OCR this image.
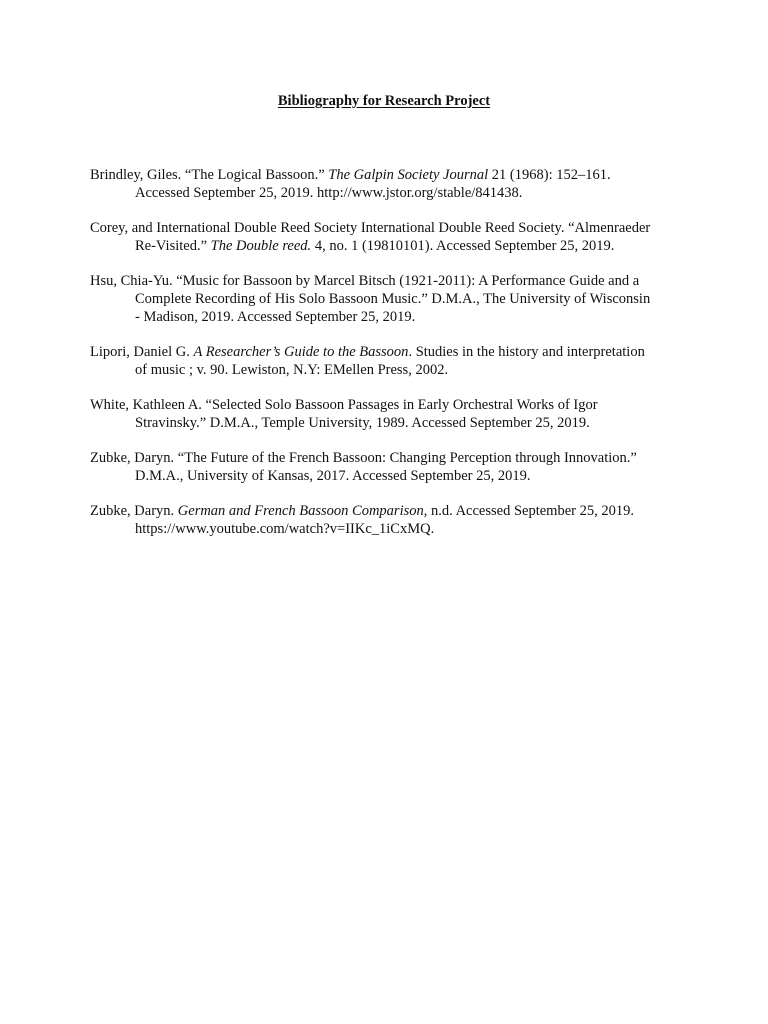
Bibliography for Research Project

Brindley, Giles. “The Logical Bassoon.” The Galpin Society Journal 21 (1968): 152–161.
Accessed September 25, 2019. http://www.jstor.org/stable/841438.

Corey, and International Double Reed Society International Double Reed Society. “Almenraeder
Re-Visited.” The Double reed. 4, no. 1 (19810101). Accessed September 25, 2019.

Hsu, Chia-Yu. “Music for Bassoon by Marcel Bitsch (1921-2011): A Performance Guide and a
Complete Recording of His Solo Bassoon Music.” D.M.A., The University of Wisconsin
- Madison, 2019. Accessed September 25, 2019.

Lipori, Daniel G. A Researcher’s Guide to the Bassoon. Studies in the history and interpretation
of music ; v. 90. Lewiston, N.Y: EMellen Press, 2002.

White, Kathleen A. “Selected Solo Bassoon Passages in Early Orchestral Works of Igor
Stravinsky.” D.M.A., Temple University, 1989. Accessed September 25, 2019.

Zubke, Daryn. “The Future of the French Bassoon: Changing Perception through Innovation.”
D.M.A., University of Kansas, 2017. Accessed September 25, 2019.

Zubke, Daryn. German and French Bassoon Comparison, n.d. Accessed September 25, 2019.
https://www.youtube.com/watch?v=IIKc_1iCxMQ.
